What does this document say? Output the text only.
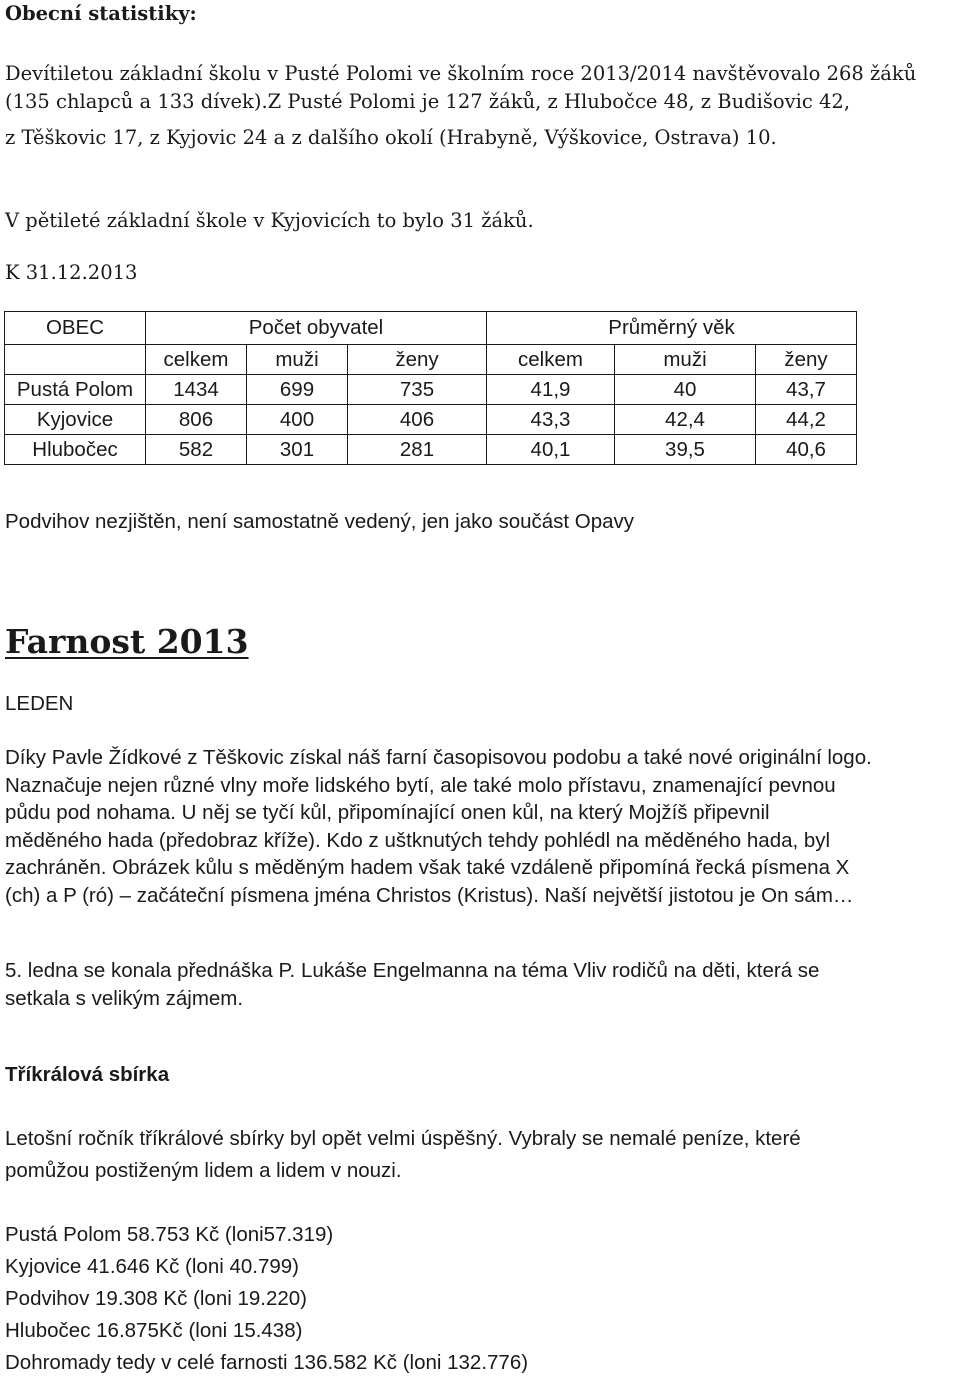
Obecní statistiky:
Devítiletou základní školu v Pusté Polomi ve školním roce 2013/2014 navštěvovalo 268 žáků
(135 chlapců a 133 dívek).Z Pusté Polomi je 127 žáků, z Hlubočce 48, z Budišovic 42,
z Těškovic 17, z Kyjovic 24 a z dalšího okolí (Hrabyně, Výškovice, Ostrava) 10.
V pětileté základní škole v Kyjovicích to bylo 31 žáků.
K 31.12.2013
OBEC	Počet obyvatel			Průměrný věk		
	celkem	muži	ženy	celkem	muži	ženy
Pustá Polom	1434	699	735	41,9	40	43,7
Kyjovice	806	400	406	43,3	42,4	44,2
Hlubočec	582	301	281	40,1	39,5	40,6
Podvihov nezjištěn, není samostatně vedený, jen jako součást Opavy
Farnost 2013
LEDEN
Díky Pavle Žídkové z Těškovic získal náš farní časopisovou podobu a také nové originální logo.
Naznačuje nejen různé vlny moře lidského bytí, ale také molo přístavu, znamenající pevnou
půdu pod nohama. U něj se tyčí kůl, připomínající onen kůl, na který Mojžíš připevnil
měděného hada (předobraz kříže). Kdo z uštknutých tehdy pohlédl na měděného hada, byl
zachráněn. Obrázek kůlu s měděným hadem však také vzdáleně připomíná řecká písmena X
(ch) a P (ró) – začáteční písmena jména Christos (Kristus). Naší největší jistotou je On sám…
5. ledna se konala přednáška P. Lukáše Engelmanna na téma Vliv rodičů na děti, která se
setkala s velikým zájmem.
Tříkrálová sbírka
Letošní ročník tříkrálové sbírky byl opět velmi úspěšný. Vybraly se nemalé peníze, které
pomůžou postiženým lidem a lidem v nouzi.
Pustá Polom 58.753 Kč (loni57.319)
Kyjovice 41.646 Kč (loni 40.799)
Podvihov 19.308 Kč (loni 19.220)
Hlubočec 16.875Kč (loni 15.438)
Dohromady tedy v celé farnosti 136.582 Kč (loni 132.776)
